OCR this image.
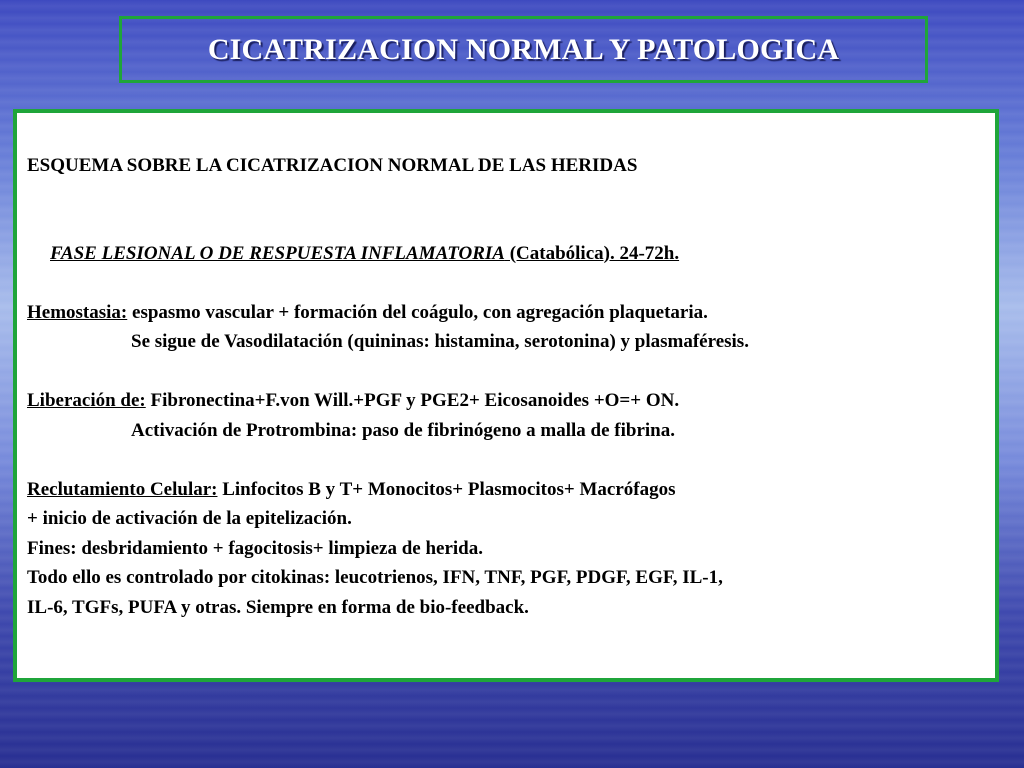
CICATRIZACION NORMAL Y PATOLOGICA
ESQUEMA SOBRE LA CICATRIZACION NORMAL DE LAS HERIDAS
FASE LESIONAL O DE RESPUESTA INFLAMATORIA (Catabólica). 24-72h.
Hemostasia: espasmo vascular + formación del coágulo, con agregación plaquetaria.
Se sigue de Vasodilatación (quininas: histamina, serotonina) y plasmaféresis.
Liberación de: Fibronectina+F.von Will.+PGF y PGE2+ Eicosanoides +O=+ ON.
Activación de Protrombina: paso de fibrinógeno a malla de fibrina.
Reclutamiento Celular: Linfocitos B y T+ Monocitos+ Plasmocitos+ Macrófagos
+ inicio de activación de la epitelización.
Fines: desbridamiento + fagocitosis+ limpieza de herida.
Todo ello es controlado por citokinas: leucotrienos, IFN, TNF, PGF, PDGF, EGF, IL-1,
IL-6, TGFs, PUFA y otras. Siempre en forma de bio-feedback.
